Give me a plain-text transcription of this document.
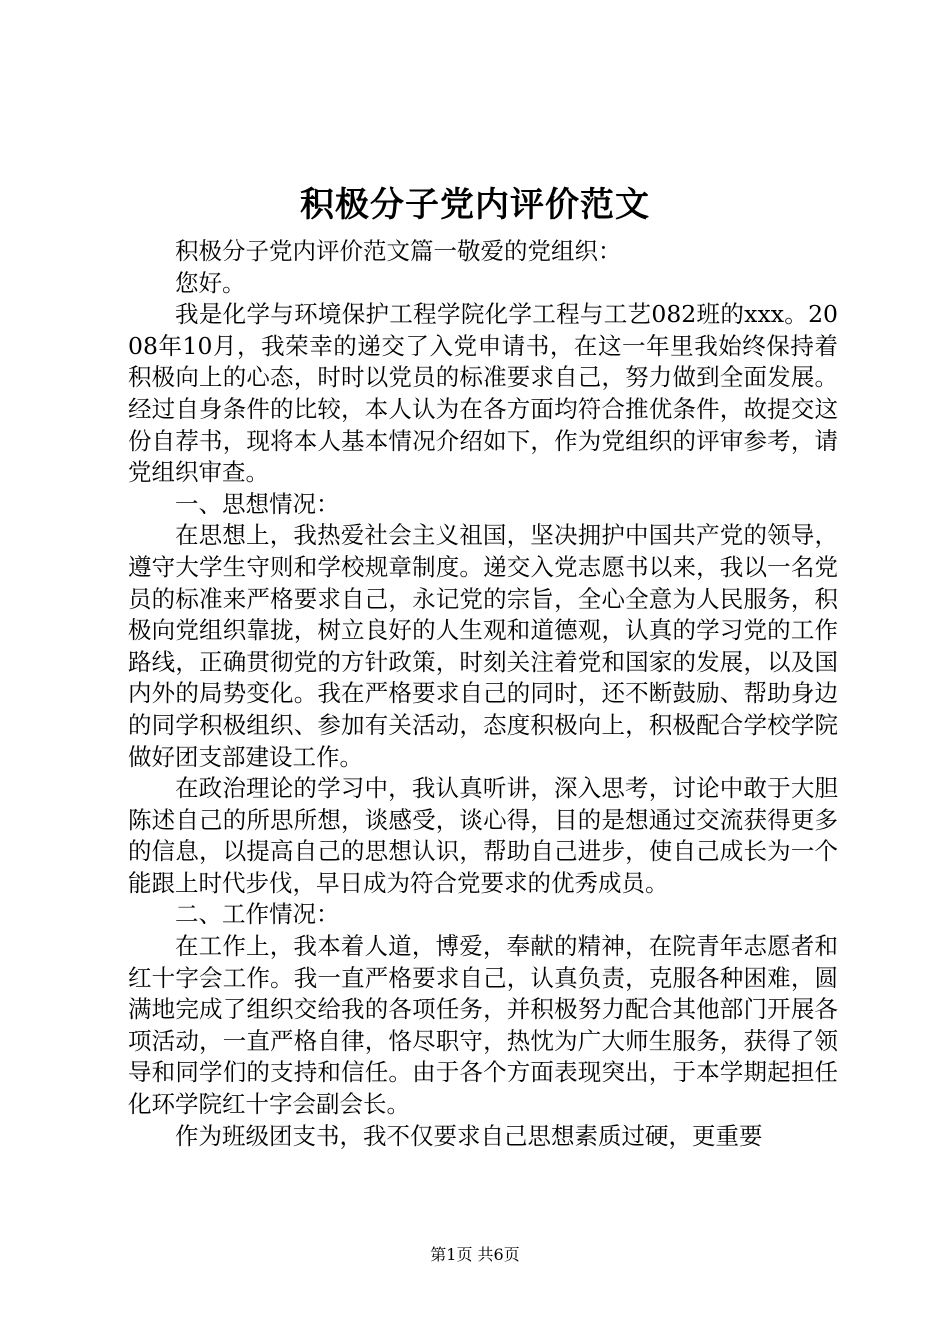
积极分子党内评价范文

积极分子党内评价范文篇一敬爱的党组织：

您好。

我是化学与环境保护工程学院化学工程与工艺082班的xxx。2008年10月，我荣幸的递交了入党申请书，在这一年里我始终保持着积极向上的心态，时时以党员的标准要求自己，努力做到全面发展。经过自身条件的比较，本人认为在各方面均符合推优条件，故提交这份自荐书，现将本人基本情况介绍如下，作为党组织的评审参考，请党组织审查。

一、思想情况：

在思想上，我热爱社会主义祖国，坚决拥护中国共产党的领导，遵守大学生守则和学校规章制度。递交入党志愿书以来，我以一名党员的标准来严格要求自己，永记党的宗旨，全心全意为人民服务，积极向党组织靠拢，树立良好的人生观和道德观，认真的学习党的工作路线，正确贯彻党的方针政策，时刻关注着党和国家的发展，以及国内外的局势变化。我在严格要求自己的同时，还不断鼓励、帮助身边的同学积极组织、参加有关活动，态度积极向上，积极配合学校学院做好团支部建设工作。

在政治理论的学习中，我认真听讲，深入思考，讨论中敢于大胆陈述自己的所思所想，谈感受，谈心得，目的是想通过交流获得更多的信息，以提高自己的思想认识，帮助自己进步，使自己成长为一个能跟上时代步伐，早日成为符合党要求的优秀成员。

二、工作情况：

在工作上，我本着人道，博爱，奉献的精神，在院青年志愿者和红十字会工作。我一直严格要求自己，认真负责，克服各种困难，圆满地完成了组织交给我的各项任务，并积极努力配合其他部门开展各项活动，一直严格自律，恪尽职守，热忱为广大师生服务，获得了领导和同学们的支持和信任。由于各个方面表现突出，于本学期起担任化环学院红十字会副会长。

作为班级团支书，我不仅要求自己思想素质过硬，更重要

第1页 共6页
